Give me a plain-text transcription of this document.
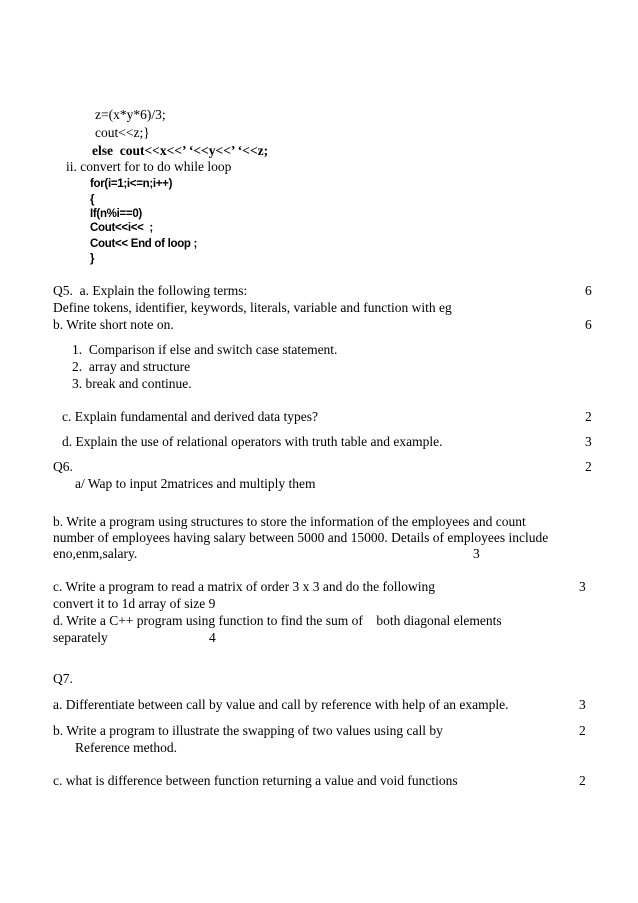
z=(x*y*6)/3;
cout<<z;}
else  cout<<x<<’ ‘<<y<<’ ‘<<z;
ii. convert for to do while loop
for(i=1;i<=n;i++)
{
If(n%i==0)
Cout<<i<<  ;
Cout<< End of loop ;
}
Q5.  a. Explain the following terms:	6
Define tokens, identifier, keywords, literals, variable and function with eg
b. Write short note on.	6
1.  Comparison if else and switch case statement.
2.  array and structure
3. break and continue.
c. Explain fundamental and derived data types?	2
d. Explain the use of relational operators with truth table and example.	3
Q6.	2
a/ Wap to input 2matrices and multiply them
b. Write a program using structures to store the information of the employees and count
number of employees having salary between 5000 and 15000. Details of employees include
eno,enm,salary.	3
c. Write a program to read a matrix of order 3 x 3 and do the following	3
convert it to 1d array of size 9
d. Write a C++ program using function to find the sum of    both diagonal elements
separately	4
Q7.
a. Differentiate between call by value and call by reference with help of an example.	3
b. Write a program to illustrate the swapping of two values using call by	2
Reference method.
c. what is difference between function returning a value and void functions	2
